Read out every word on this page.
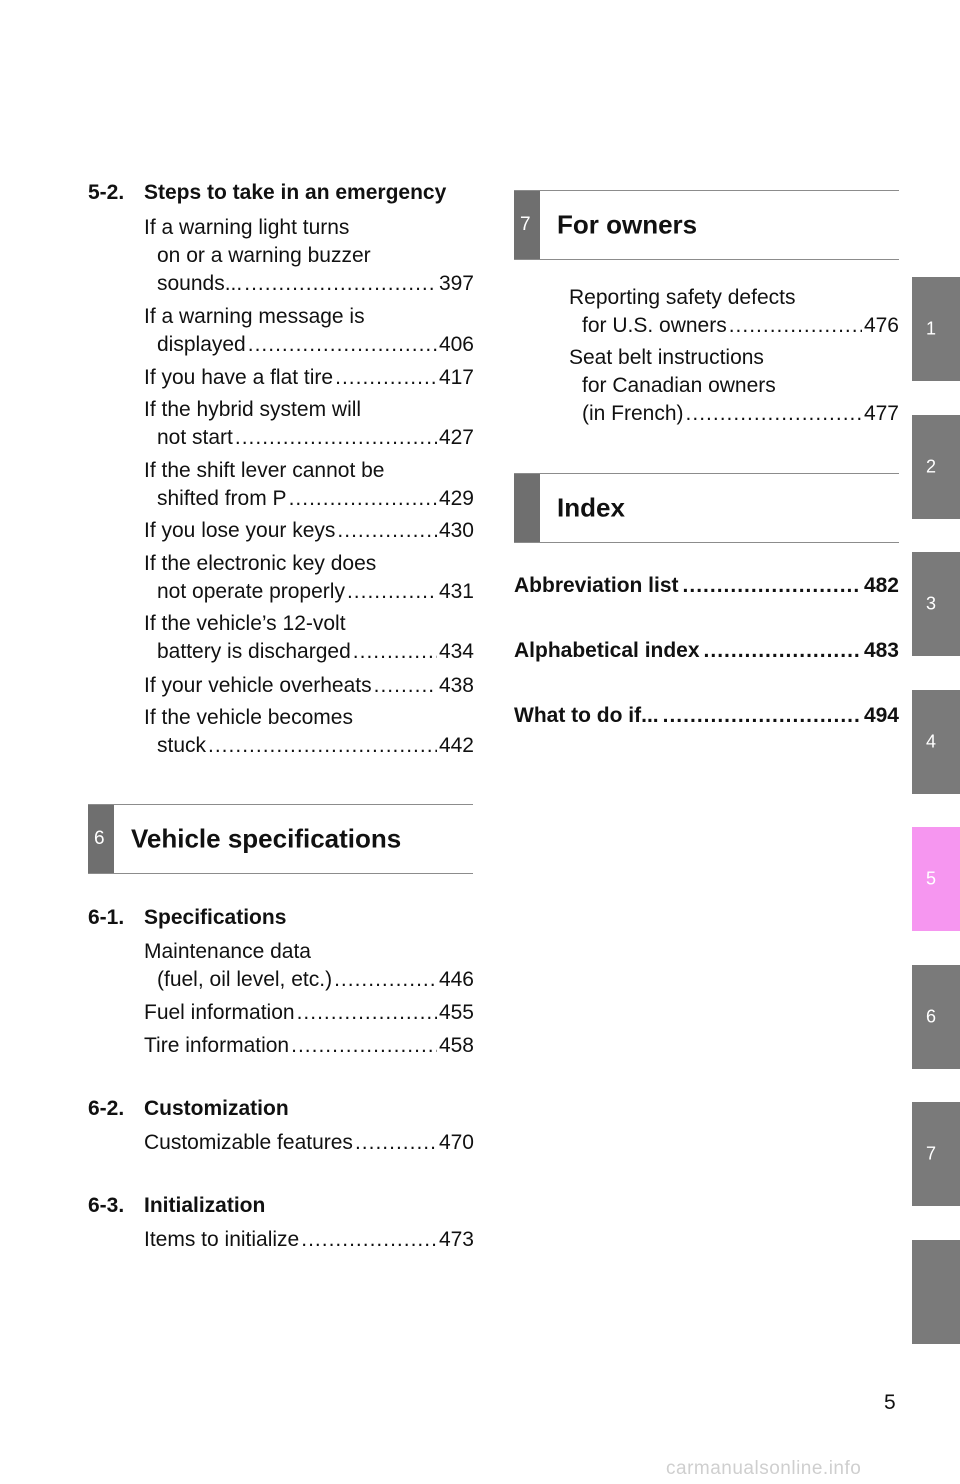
5-2. Steps to take in an emergency
If a warning light turns
on or a warning buzzer
sounds... .....	397
If a warning message is
displayed .....	406
If you have a flat tire .....	417
If the hybrid system will
not start .....	427
If the shift lever cannot be
shifted from P .....	429
If you lose your keys .....	430
If the electronic key does
not operate properly .....	431
If the vehicle’s 12-volt
battery is discharged .....	434
If your vehicle overheats .....	438
If the vehicle becomes
stuck .....	442
6 Vehicle specifications
6-1. Specifications
Maintenance data
(fuel, oil level, etc.) .....	446
Fuel information .....	455
Tire information .....	458
6-2. Customization
Customizable features .....	470
6-3. Initialization
Items to initialize .....	473
7 For owners
Reporting safety defects
for U.S. owners .....	476
Seat belt instructions
for Canadian owners
(in French) .....	477
Index
Abbreviation list .....	482
Alphabetical index .....	483
What to do if... .....	494
1
2
3
4
5
6
7
5
carmanualsonline.info
